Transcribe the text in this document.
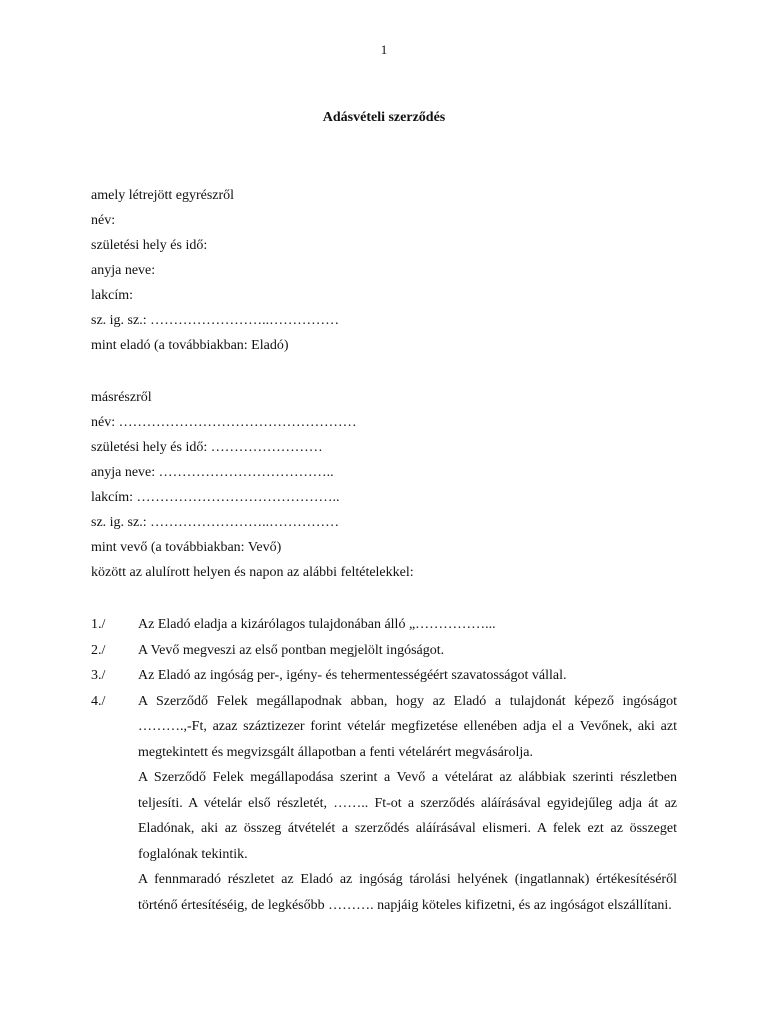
1
Adásvételi szerződés
amely létrejött egyrészről
név:
születési hely és idő:
anyja neve:
lakcím:
sz. ig. sz.: ……………………..……………
mint eladó (a továbbiakban: Eladó)
másrészről
név: ……………………………………………
születési hely és idő: ……………………
anyja neve: ………………………………..
lakcím: ……………………………………..
sz. ig. sz.: ……………………..……………
mint vevő (a továbbiakban: Vevő)
között az alulírott helyen és napon az alábbi feltételekkel:
1./	Az Eladó eladja a kizárólagos tulajdonában álló „……………...

2./	A Vevő megveszi az első pontban megjelölt ingóságot.

3./	Az Eladó az ingóság per-, igény- és tehermentességéért szavatosságot vállal.

4./	A Szerződő Felek megállapodnak abban, hogy az Eladó a tulajdonát képező ingóságot ……….,-Ft, azaz száztizezer forint vételár megfizetése ellenében adja el a Vevőnek, aki azt megtekintett és megvizsgált állapotban a fenti vételárért megvásárolja.

A Szerződő Felek megállapodása szerint a Vevő a vételárat az alábbiak szerinti részletben teljesíti. A vételár első részletét, …….. Ft-ot a szerződés aláírásával egyidejűleg adja át az Eladónak, aki az összeg átvételét a szerződés aláírásával elismeri. A felek ezt az összeget foglalónak tekintik.

A fennmaradó részletet az Eladó az ingóság tárolási helyének (ingatlannak) értékesítéséről történő értesítéséig, de legkésőbb ………. napjáig köteles kifizetni, és az ingóságot elszállítani.
